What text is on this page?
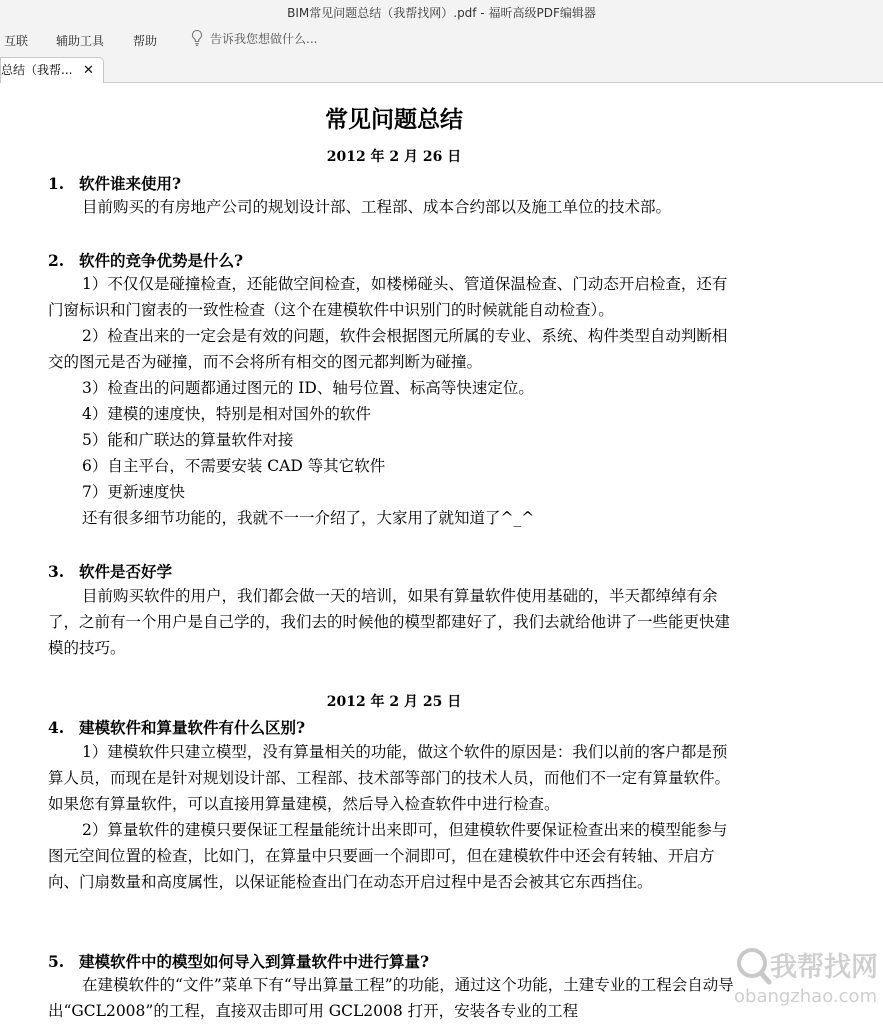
BIM常见问题总结（我帮找网）.pdf - 福昕高级PDF编辑器
互联 辅助工具 帮助	告诉我您想做什么...
总结（我帮... ✕
常见问题总结
2012 年 2 月 26 日
1. 软件谁来使用?
目前购买的有房地产公司的规划设计部、工程部、成本合约部以及施工单位的技术部。
2. 软件的竞争优势是什么?
1）不仅仅是碰撞检查，还能做空间检查，如楼梯碰头、管道保温检查、门动态开启检查，还有门窗标识和门窗表的一致性检查（这个在建模软件中识别门的时候就能自动检查）。
2）检查出来的一定会是有效的问题，软件会根据图元所属的专业、系统、构件类型自动判断相交的图元是否为碰撞，而不会将所有相交的图元都判断为碰撞。
3）检查出的问题都通过图元的 ID、轴号位置、标高等快速定位。
4）建模的速度快，特别是相对国外的软件
5）能和广联达的算量软件对接
6）自主平台，不需要安装 CAD 等其它软件
7）更新速度快
还有很多细节功能的，我就不一一介绍了，大家用了就知道了^_^
3. 软件是否好学
目前购买软件的用户，我们都会做一天的培训，如果有算量软件使用基础的，半天都绰绰有余了，之前有一个用户是自己学的，我们去的时候他的模型都建好了，我们去就给他讲了一些能更快建模的技巧。
2012 年 2 月 25 日
4. 建模软件和算量软件有什么区别?
1）建模软件只建立模型，没有算量相关的功能，做这个软件的原因是：我们以前的客户都是预算人员，而现在是针对规划设计部、工程部、技术部等部门的技术人员，而他们不一定有算量软件。如果您有算量软件，可以直接用算量建模，然后导入检查软件中进行检查。
2）算量软件的建模只要保证工程量能统计出来即可，但建模软件要保证检查出来的模型能参与图元空间位置的检查，比如门，在算量中只要画一个洞即可，但在建模软件中还会有转轴、开启方向、门扇数量和高度属性，以保证能检查出门在动态开启过程中是否会被其它东西挡住。
5. 建模软件中的模型如何导入到算量软件中进行算量?
在建模软件的“文件”菜单下有“导出算量工程”的功能，通过这个功能，土建专业的工程会自动导出“GCL2008”的工程，直接双击即可用 GCL2008 打开，安装各专业的工程
我帮找网
obangzhao.com
